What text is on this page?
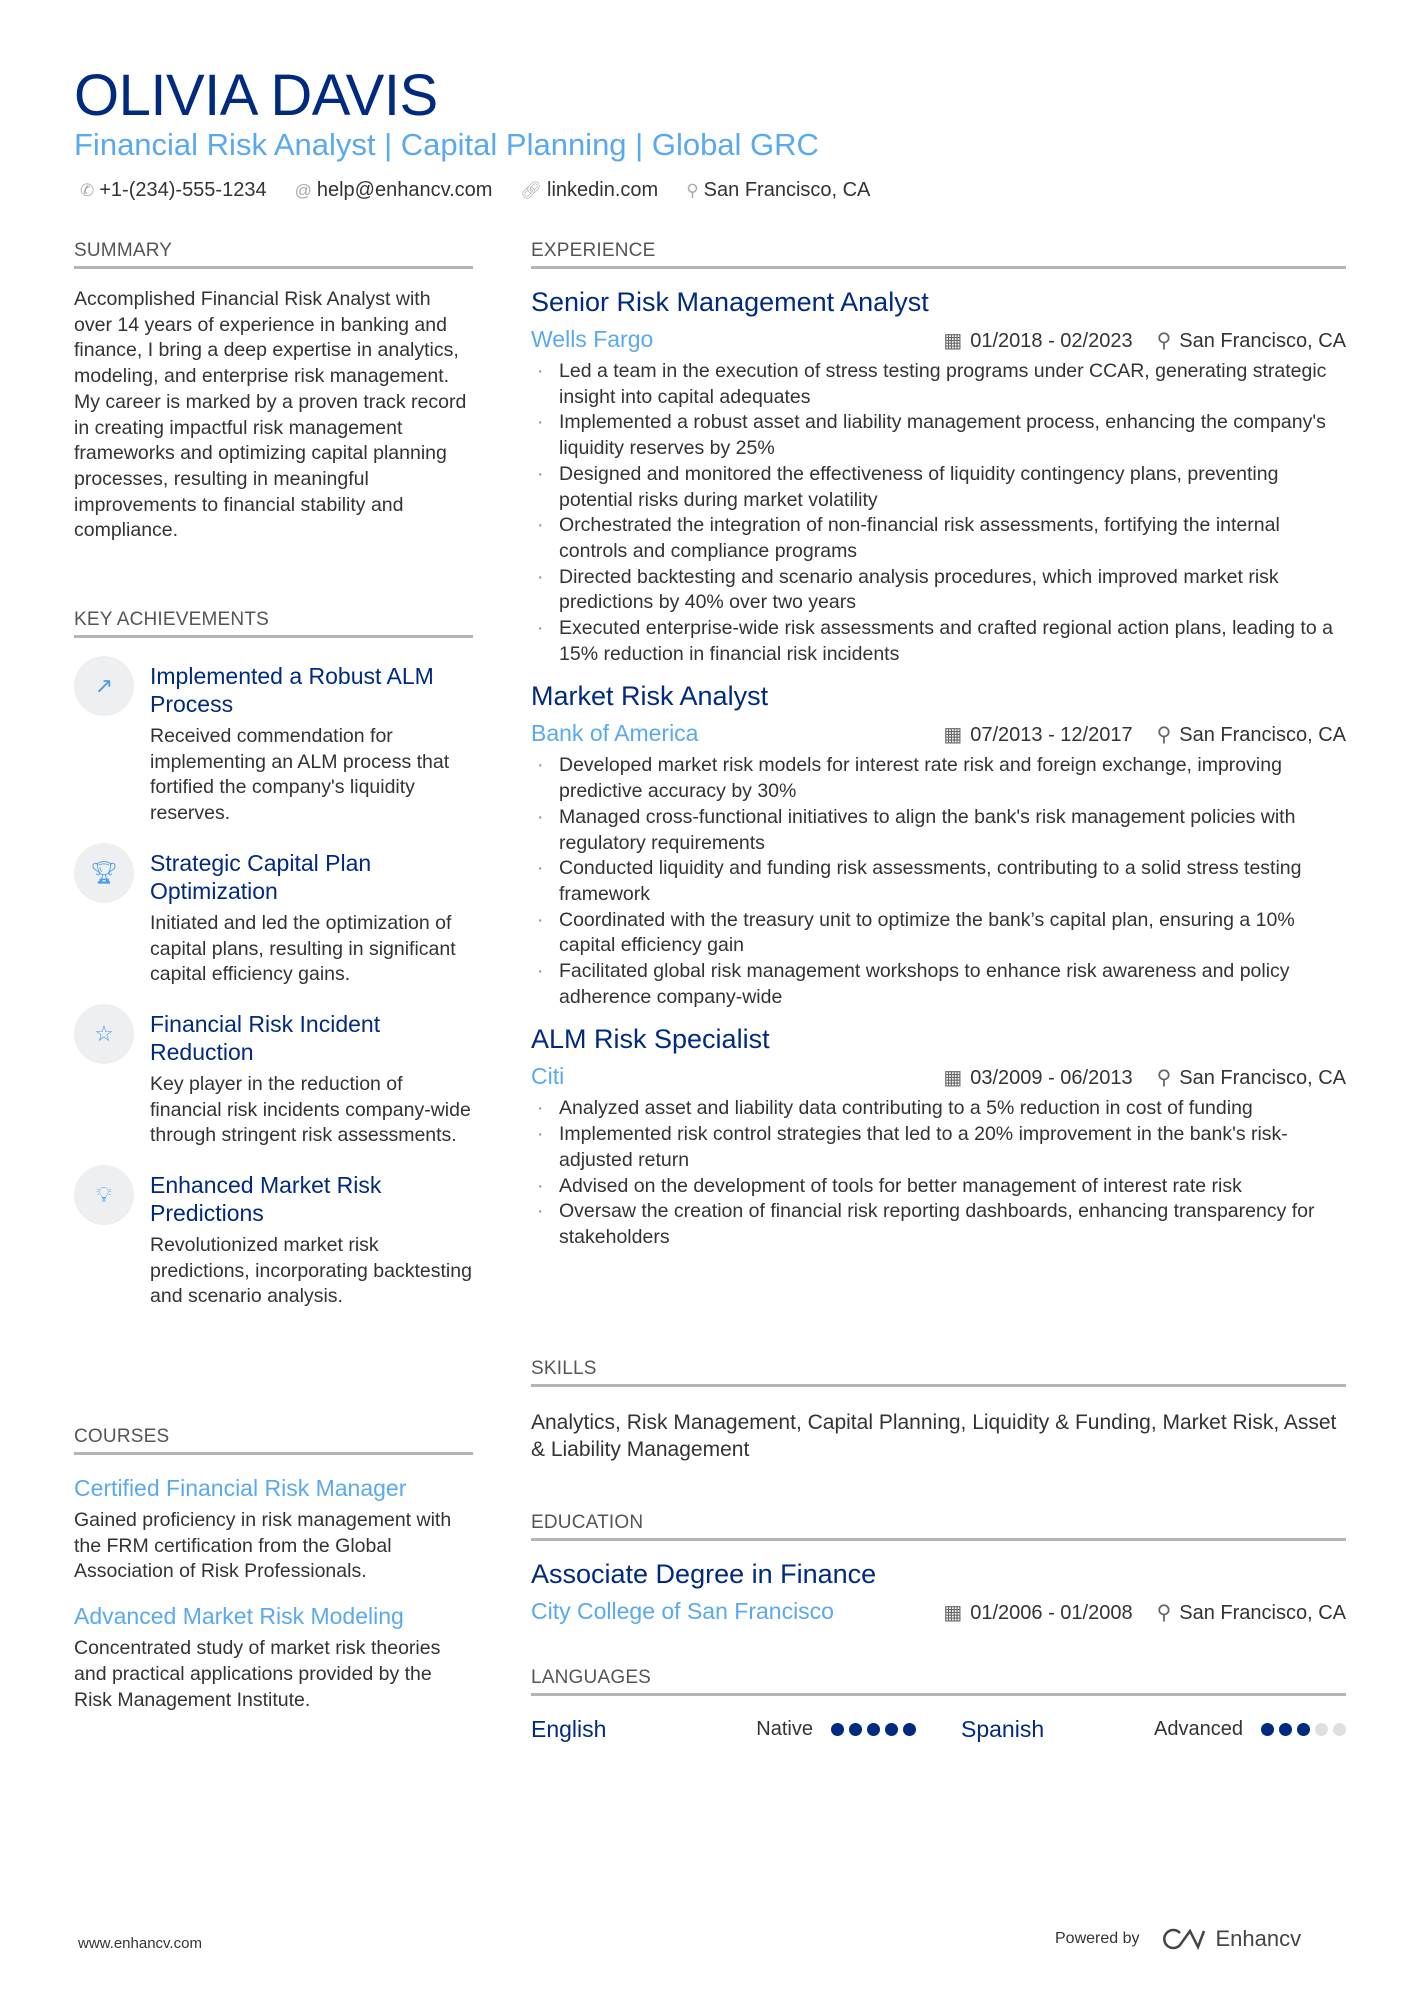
OLIVIA DAVIS
Financial Risk Analyst | Capital Planning | Global GRC
✆ +1-(234)-555-1234 @ help@enhancv.com 🔗︎ linkedin.com ⚲ San Francisco, CA
SUMMARY
Accomplished Financial Risk Analyst with over 14 years of experience in banking and finance, I bring a deep expertise in analytics, modeling, and enterprise risk management. My career is marked by a proven track record in creating impactful risk management frameworks and optimizing capital planning processes, resulting in meaningful improvements to financial stability and compliance.
KEY ACHIEVEMENTS
↗	Implemented a Robust ALM Process
Received commendation for implementing an ALM process that fortified the company's liquidity reserves.
🏆︎	Strategic Capital Plan Optimization
Initiated and led the optimization of capital plans, resulting in significant capital efficiency gains.
☆	Financial Risk Incident Reduction
Key player in the reduction of financial risk incidents company-wide through stringent risk assessments.
💡︎	Enhanced Market Risk Predictions
Revolutionized market risk predictions, incorporating backtesting and scenario analysis.
COURSES
Certified Financial Risk Manager
Gained proficiency in risk management with the FRM certification from the Global Association of Risk Professionals.
Advanced Market Risk Modeling
Concentrated study of market risk theories and practical applications provided by the Risk Management Institute.
EXPERIENCE
Senior Risk Management Analyst
Wells Fargo	▦ 01/2018 - 02/2023 ⚲ San Francisco, CA
· Led a team in the execution of stress testing programs under CCAR, generating strategic insight into capital adequates
· Implemented a robust asset and liability management process, enhancing the company's liquidity reserves by 25%
· Designed and monitored the effectiveness of liquidity contingency plans, preventing potential risks during market volatility
· Orchestrated the integration of non-financial risk assessments, fortifying the internal controls and compliance programs
· Directed backtesting and scenario analysis procedures, which improved market risk predictions by 40% over two years
· Executed enterprise-wide risk assessments and crafted regional action plans, leading to a 15% reduction in financial risk incidents
Market Risk Analyst
Bank of America	▦ 07/2013 - 12/2017 ⚲ San Francisco, CA
· Developed market risk models for interest rate risk and foreign exchange, improving predictive accuracy by 30%
· Managed cross-functional initiatives to align the bank's risk management policies with regulatory requirements
· Conducted liquidity and funding risk assessments, contributing to a solid stress testing framework
· Coordinated with the treasury unit to optimize the bank’s capital plan, ensuring a 10% capital efficiency gain
· Facilitated global risk management workshops to enhance risk awareness and policy adherence company-wide
ALM Risk Specialist
Citi	▦ 03/2009 - 06/2013 ⚲ San Francisco, CA
· Analyzed asset and liability data contributing to a 5% reduction in cost of funding
· Implemented risk control strategies that led to a 20% improvement in the bank's risk-adjusted return
· Advised on the development of tools for better management of interest rate risk
· Oversaw the creation of financial risk reporting dashboards, enhancing transparency for stakeholders
SKILLS
Analytics, Risk Management, Capital Planning, Liquidity & Funding, Market Risk, Asset & Liability Management
EDUCATION
Associate Degree in Finance
City College of San Francisco	▦ 01/2006 - 01/2008 ⚲ San Francisco, CA
LANGUAGES
English	Native	Spanish	Advanced
www.enhancv.com	Powered by	Enhancv
